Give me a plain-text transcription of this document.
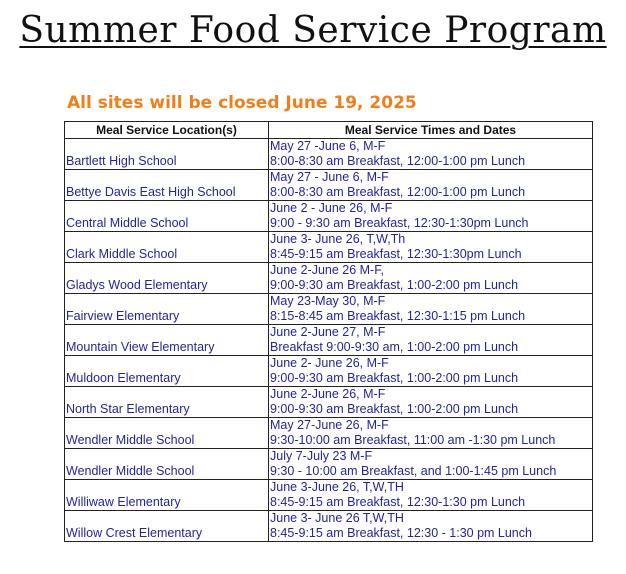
Summer Food Service Program
All sites will be closed June 19, 2025
Meal Service Location(s)	Meal Service Times and Dates
Bartlett High School	May 27 -June 6, M-F
8:00-8:30 am Breakfast, 12:00-1:00 pm Lunch

Bettye Davis East High School	May 27 - June 6, M-F
8:00-8:30 am Breakfast, 12:00-1:00 pm Lunch

Central Middle School	June 2 - June 26, M-F
9:00 - 9:30 am Breakfast, 12:30-1:30pm Lunch

Clark Middle School	June 3- June 26, T,W,Th
8:45-9:15 am Breakfast, 12:30-1:30pm Lunch

Gladys Wood Elementary	June 2-June 26 M-F,
9:00-9:30 am Breakfast, 1:00-2:00 pm Lunch

Fairview Elementary	May 23-May 30, M-F
8:15-8:45 am Breakfast, 12:30-1:15 pm Lunch

Mountain View Elementary	June 2-June 27, M-F
Breakfast 9:00-9:30 am, 1:00-2:00 pm Lunch

Muldoon Elementary	June 2- June 26, M-F
9:00-9:30 am Breakfast, 1:00-2:00 pm Lunch

North Star Elementary	June 2-June 26, M-F
9:00-9:30 am Breakfast, 1:00-2:00 pm Lunch

Wendler Middle School	May 27-June 26, M-F
9:30-10:00 am Breakfast, 11:00 am -1:30 pm Lunch

Wendler Middle School	July 7-July 23 M-F
9:30 - 10:00 am Breakfast, and 1:00-1:45 pm Lunch

Williwaw Elementary	June 3-June 26, T,W,TH
8:45-9:15 am Breakfast, 12:30-1:30 pm Lunch

Willow Crest Elementary	June 3- June 26 T,W,TH
8:45-9:15 am Breakfast, 12:30 - 1:30 pm Lunch
